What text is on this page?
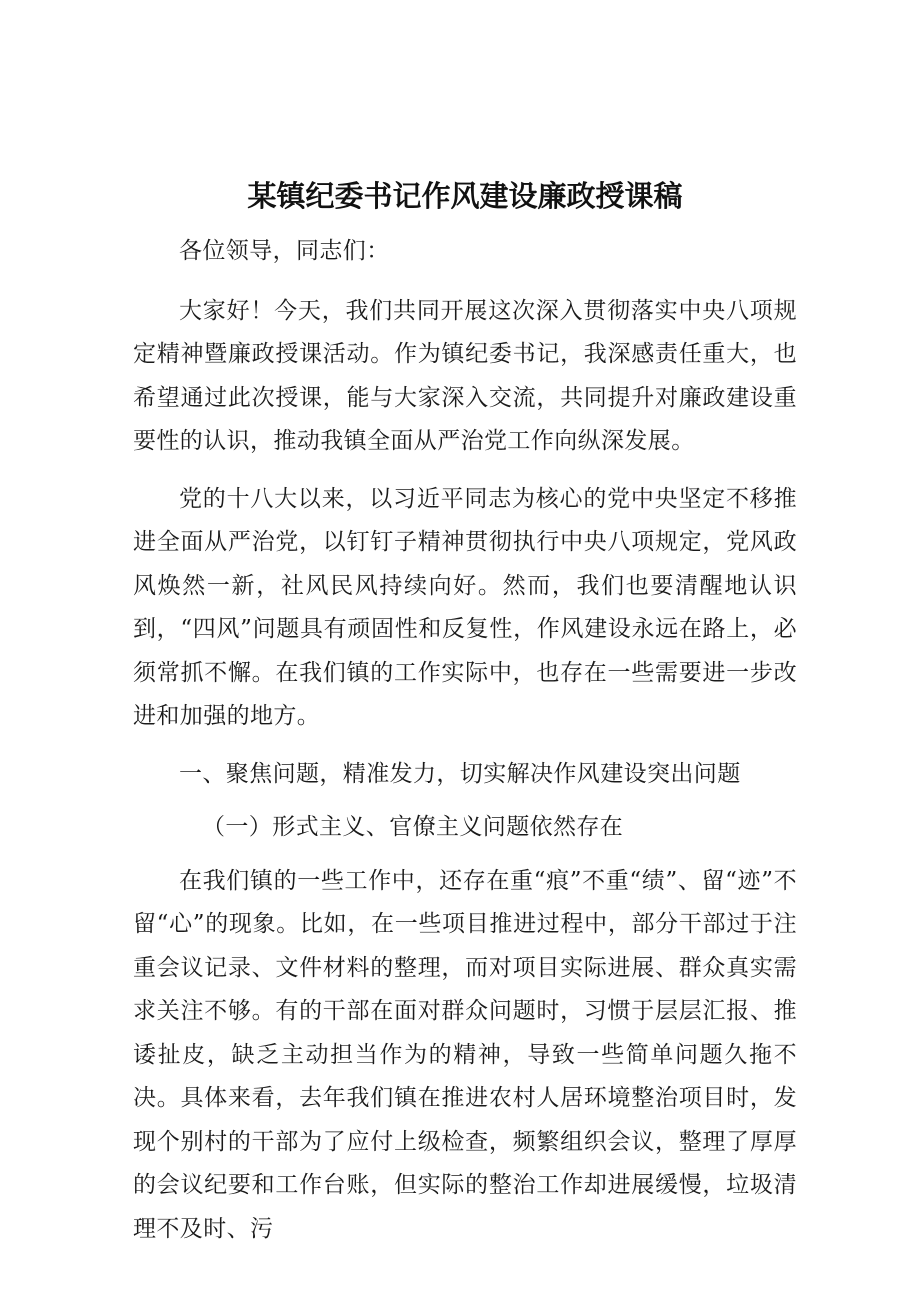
某镇纪委书记作风建设廉政授课稿

各位领导，同志们：

大家好！今天，我们共同开展这次深入贯彻落实中央八项规定精神暨廉政授课活动。作为镇纪委书记，我深感责任重大，也希望通过此次授课，能与大家深入交流，共同提升对廉政建设重要性的认识，推动我镇全面从严治党工作向纵深发展。

党的十八大以来，以习近平同志为核心的党中央坚定不移推进全面从严治党，以钉钉子精神贯彻执行中央八项规定，党风政风焕然一新，社风民风持续向好。然而，我们也要清醒地认识到，“四风”问题具有顽固性和反复性，作风建设永远在路上，必须常抓不懈。在我们镇的工作实际中，也存在一些需要进一步改进和加强的地方。

一、聚焦问题，精准发力，切实解决作风建设突出问题

（一）形式主义、官僚主义问题依然存在

在我们镇的一些工作中，还存在重“痕”不重“绩”、留“迹”不留“心”的现象。比如，在一些项目推进过程中，部分干部过于注重会议记录、文件材料的整理，而对项目实际进展、群众真实需求关注不够。有的干部在面对群众问题时，习惯于层层汇报、推诿扯皮，缺乏主动担当作为的精神，导致一些简单问题久拖不决。具体来看，去年我们镇在推进农村人居环境整治项目时，发现个别村的干部为了应付上级检查，频繁组织会议，整理了厚厚的会议纪要和工作台账，但实际的整治工作却进展缓慢，垃圾清理不及时、污
